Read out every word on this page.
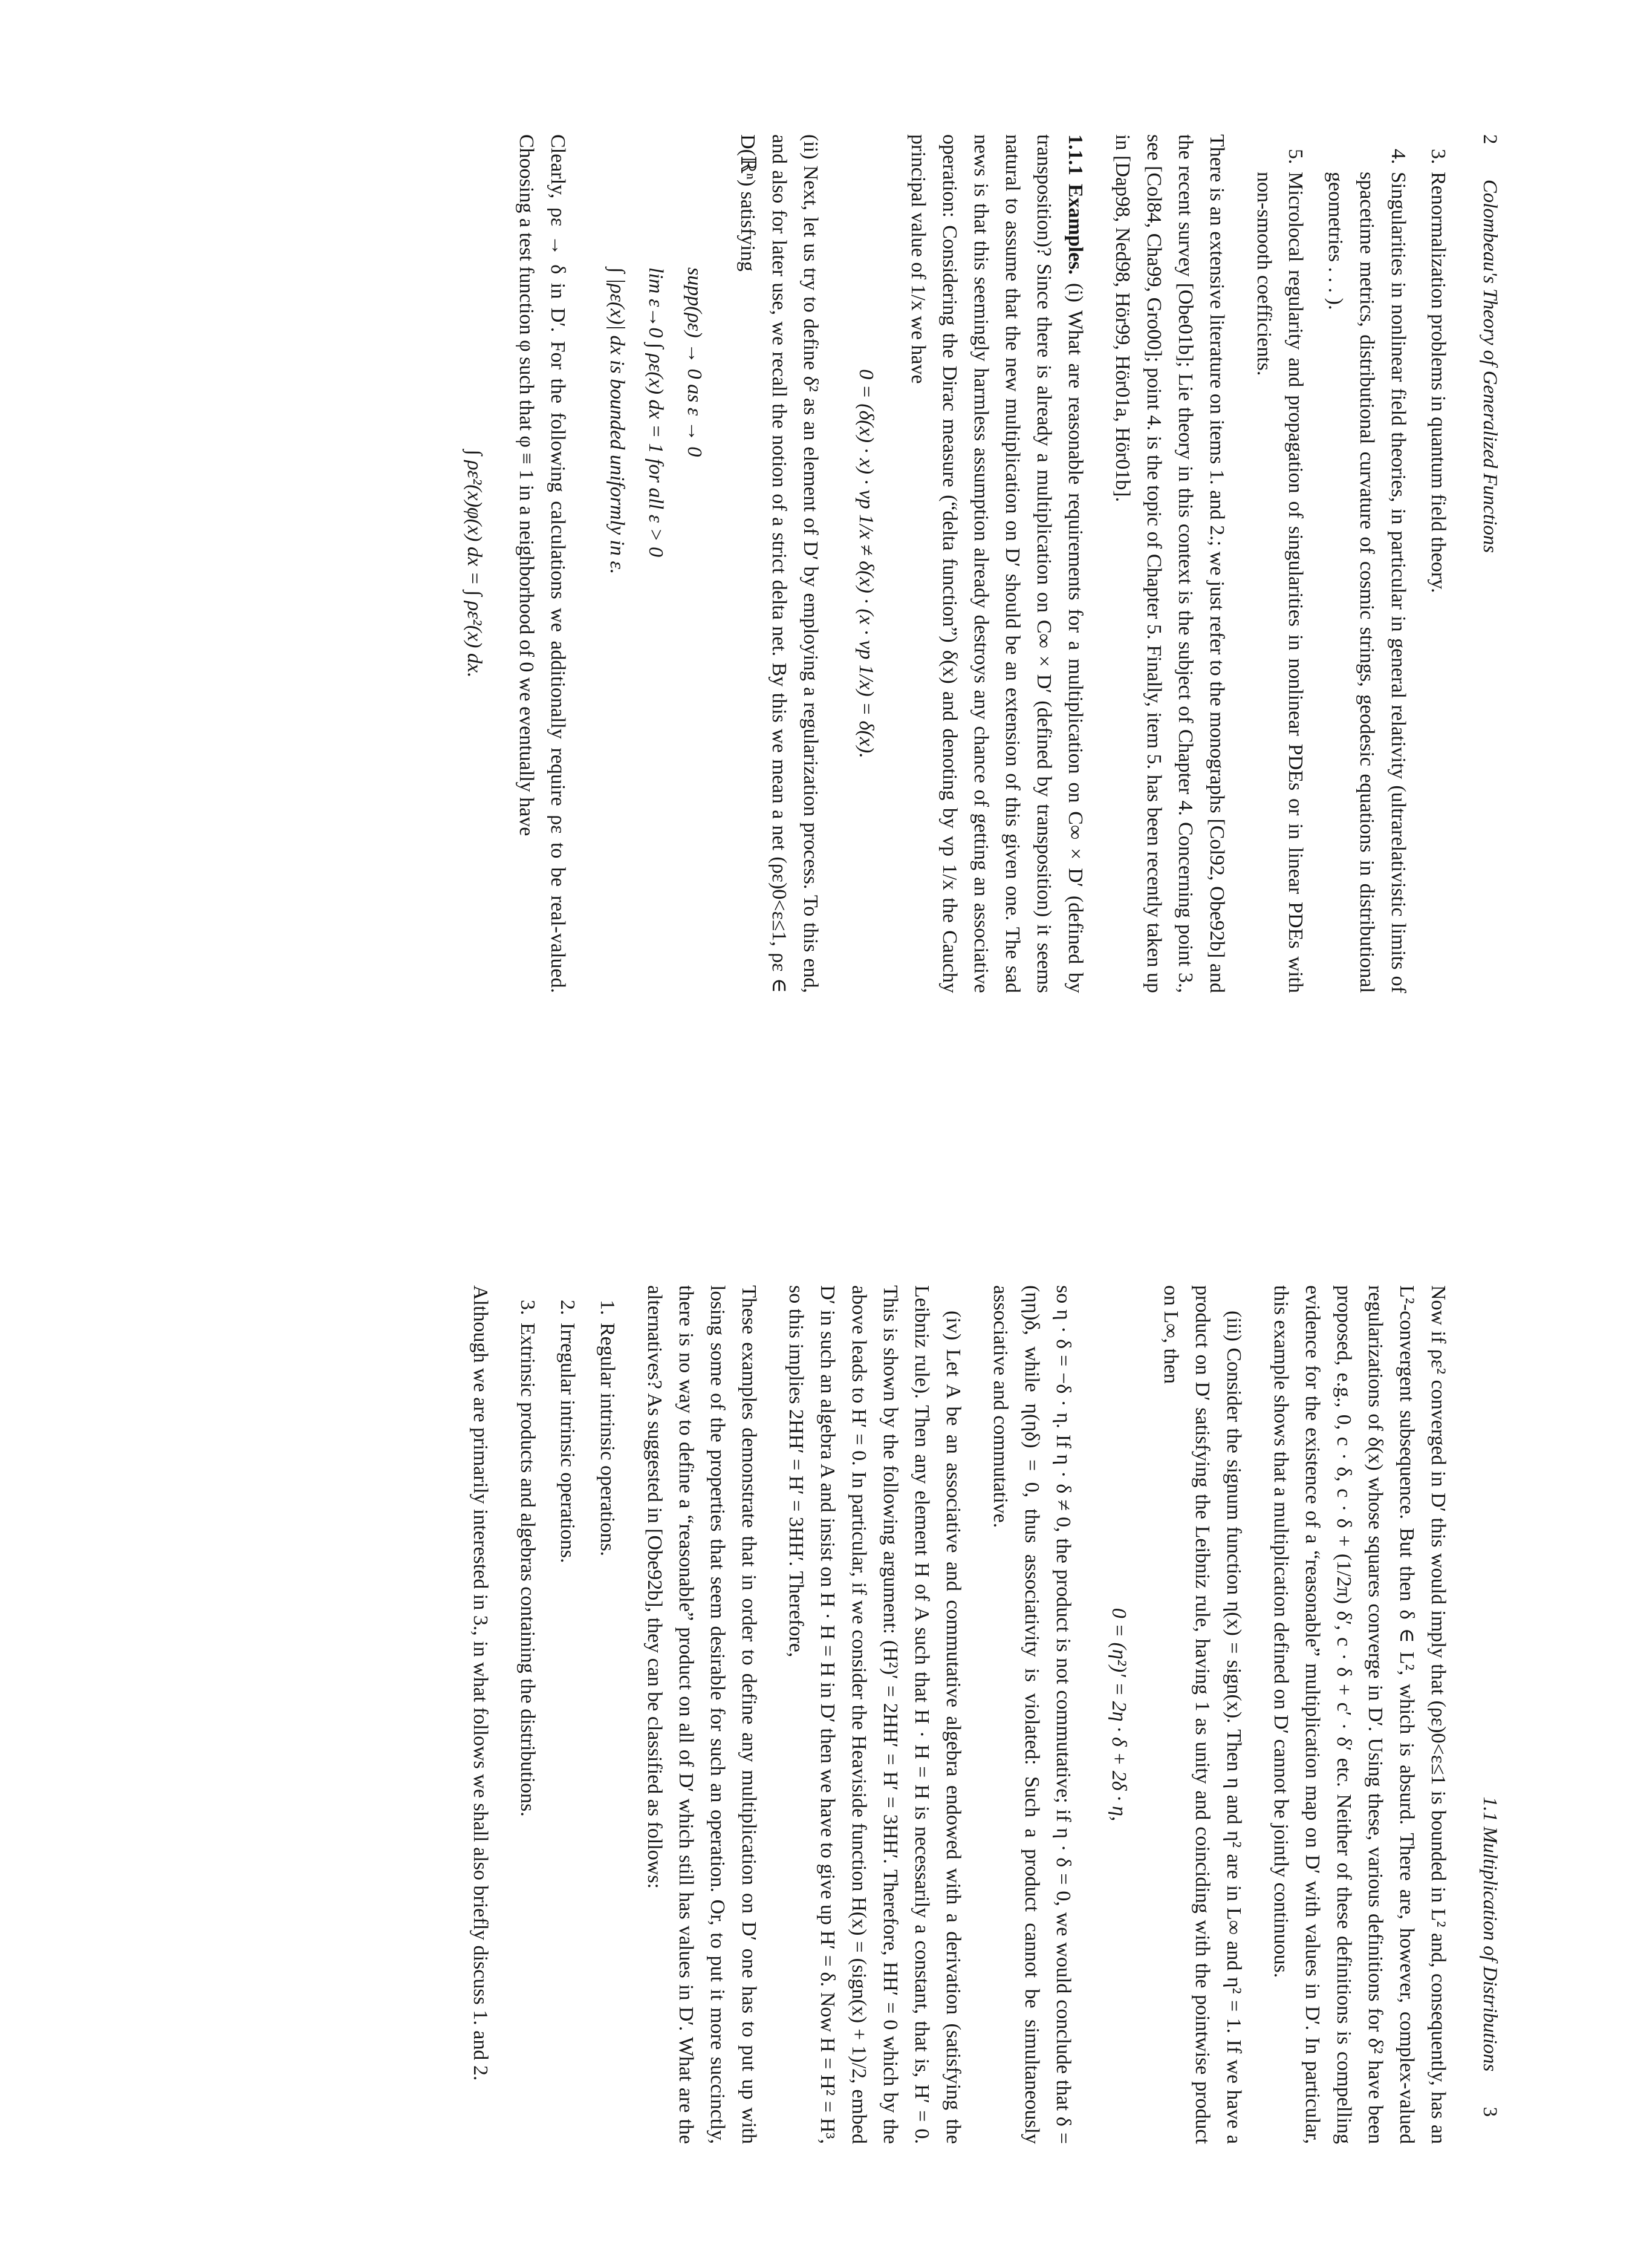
2 Colombeau's Theory of Generalized Functions
3. Renormalization problems in quantum field theory.
4. Singularities in nonlinear field theories, in particular in general relativity (ultrarelativistic limits of spacetime metrics, distributional curvature of cosmic strings, geodesic equations in distributional geometries . . . ).
5. Microlocal regularity and propagation of singularities in nonlinear PDEs or in linear PDEs with non-smooth coefficients.

There is an extensive literature on items 1. and 2.; we just refer to the monographs [Col92, Obe92b] and the recent survey [Obe01b]; Lie theory in this context is the subject of Chapter 4. Concerning point 3., see [Col84, Cha99, Gro00]; point 4. is the topic of Chapter 5. Finally, item 5. has been recently taken up in [Dap98, Ned98, Hör99, Hör01a, Hör01b].

1.1.1 Examples. (i) What are reasonable requirements for a multiplication on C∞ × D′ (defined by transposition)? Since there is already a multiplication on C∞ × D′ (defined by transposition) it seems natural to assume that the new multiplication on D′ should be an extension of this given one. The sad news is that this seemingly harmless assumption already destroys any chance of getting an associative operation: Considering the Dirac measure (“delta function”) δ(x) and denoting by vp 1/x the Cauchy principal value of 1/x we have

0 = (δ(x) · x) · vp 1/x ≠ δ(x) · (x · vp 1/x) = δ(x).

(ii) Next, let us try to define δ² as an element of D′ by employing a regularization process. To this end, and also for later use, we recall the notion of a strict delta net. By this we mean a net (ρε)0<ε≤1, ρε ∈ D(ℝⁿ) satisfying

supp(ρε) → 0 as ε → 0
lim ε→0 ∫ ρε(x) dx = 1 for all ε > 0
∫ |ρε(x)| dx is bounded uniformly in ε.

Clearly, ρε → δ in D′. For the following calculations we additionally require ρε to be real-valued. Choosing a test function φ such that φ ≡ 1 in a neighborhood of 0 we eventually have

∫ ρε²(x)φ(x) dx = ∫ ρε²(x) dx.
1.1 Multiplication of Distributions 3

Now if ρε² converged in D′ this would imply that (ρε)0<ε≤1 is bounded in L² and, consequently, has an L²-convergent subsequence. But then δ ∈ L², which is absurd. There are, however, complex-valued regularizations of δ(x) whose squares converge in D′. Using these, various definitions for δ² have been proposed, e.g., 0, c · δ, c · δ + (1/2π) δ′, c · δ + c′ · δ′ etc. Neither of these definitions is compelling evidence for the existence of a “reasonable” multiplication map on D′ with values in D′. In particular, this example shows that a multiplication defined on D′ cannot be jointly continuous.

(iii) Consider the signum function η(x) = sign(x). Then η and η² are in L∞ and η² = 1. If we have a product on D′ satisfying the Leibniz rule, having 1 as unity and coinciding with the pointwise product on L∞, then

0 = (η²)′ = 2η · δ + 2δ · η,

so η · δ = −δ · η. If η · δ ≠ 0, the product is not commutative; if η · δ = 0, we would conclude that δ = (ηη)δ, while η(ηδ) = 0, thus associativity is violated: Such a product cannot be simultaneously associative and commutative.

(iv) Let A be an associative and commutative algebra endowed with a derivation (satisfying the Leibniz rule). Then any element H of A such that H · H = H is necessarily a constant, that is, H′ = 0. This is shown by the following argument: (H²)′ = 2HH′ = H′ = 3HH′. Therefore, HH′ = 0 which by the above leads to H′ = 0. In particular, if we consider the Heaviside function H(x) = (sign(x) + 1)/2, embed D′ in such an algebra A and insist on H · H = H in D′ then we have to give up H′ = δ. Now H = H² = H³, so this implies 2HH′ = H′ = 3HH′. Therefore,

These examples demonstrate that in order to define any multiplication on D′ one has to put up with losing some of the properties that seem desirable for such an operation. Or, to put it more succinctly, there is no way to define a “reasonable” product on all of D′ which still has values in D′. What are the alternatives? As suggested in [Obe92b], they can be classified as follows:

1. Regular intrinsic operations.
2. Irregular intrinsic operations.
3. Extrinsic products and algebras containing the distributions.

Although we are primarily interested in 3., in what follows we shall also briefly discuss 1. and 2.
